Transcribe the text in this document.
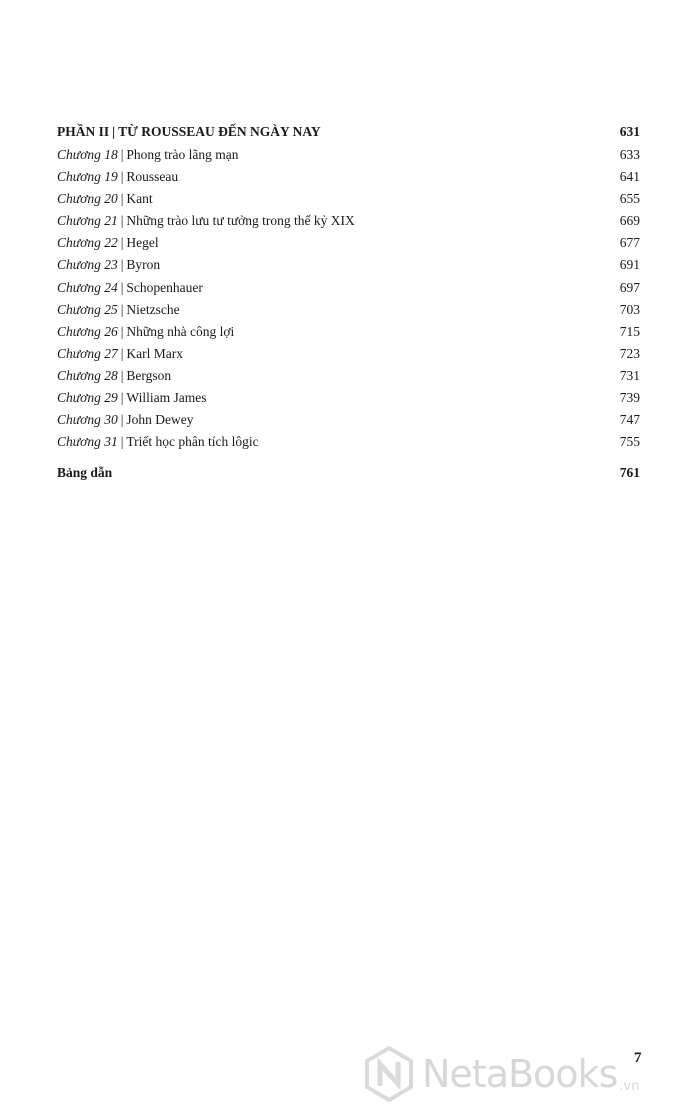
PHẦN II | TỪ ROUSSEAU ĐẾN NGÀY NAY	631
Chương 18 | Phong trào lãng mạn	633
Chương 19 | Rousseau	641
Chương 20 | Kant	655
Chương 21 | Những trào lưu tư tưởng trong thế kỷ XIX	669
Chương 22 | Hegel	677
Chương 23 | Byron	691
Chương 24 | Schopenhauer	697
Chương 25 | Nietzsche	703
Chương 26 | Những nhà công lợi	715
Chương 27 | Karl Marx	723
Chương 28 | Bergson	731
Chương 29 | William James	739
Chương 30 | John Dewey	747
Chương 31 | Triết học phân tích lôgic	755
Bảng dẫn	761
NetaBooks .vn
7
